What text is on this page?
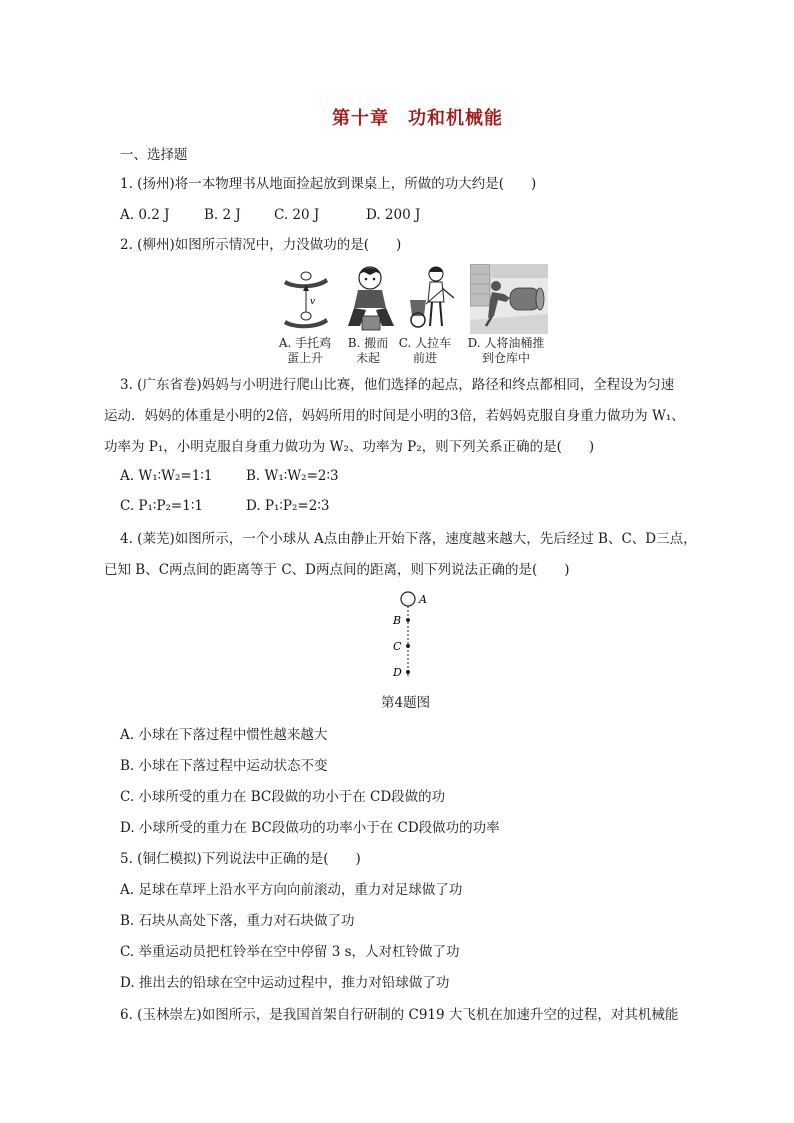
第十章　功和机械能
一、选择题
1. (扬州)将一本物理书从地面捡起放到课桌上，所做的功大约是(　　)
A. 0.2 J	B. 2 J C. 20 J	D. 200 J
2. (柳州)如图所示情况中，力没做功的是(　　)
v
A. 手托鸡
蛋上升
B. 搬而
未起
C. 人拉车
前进
D. 人将油桶推
到仓库中
3. (广东省卷)妈妈与小明进行爬山比赛，他们选择的起点，路径和终点都相同，全程设为匀速
运动．妈妈的体重是小明的2倍，妈妈所用的时间是小明的3倍，若妈妈克服自身重力做功为 W₁、
功率为 P₁，小明克服自身重力做功为 W₂、功率为 P₂，则下列关系正确的是(　　)
A. W₁∶W₂=1∶1 B. W₁∶W₂=2∶3
C. P₁∶P₂=1∶1	D. P₁∶P₂=2∶3
4. (莱芜)如图所示，一个小球从 A点由静止开始下落，速度越来越大，先后经过 B、C、D三点，
已知 B、C两点间的距离等于 C、D两点间的距离，则下列说法正确的是(　　)
A
B
C
D
第4题图
A. 小球在下落过程中惯性越来越大
B. 小球在下落过程中运动状态不变
C. 小球所受的重力在 BC段做的功小于在 CD段做的功
D. 小球所受的重力在 BC段做功的功率小于在 CD段做功的功率
5. (铜仁模拟)下列说法中正确的是(　　)
A. 足球在草坪上沿水平方向向前滚动，重力对足球做了功
B. 石块从高处下落，重力对石块做了功
C. 举重运动员把杠铃举在空中停留 3 s，人对杠铃做了功
D. 推出去的铅球在空中运动过程中，推力对铅球做了功
6. (玉林崇左)如图所示，是我国首架自行研制的 C919 大飞机在加速升空的过程，对其机械能
